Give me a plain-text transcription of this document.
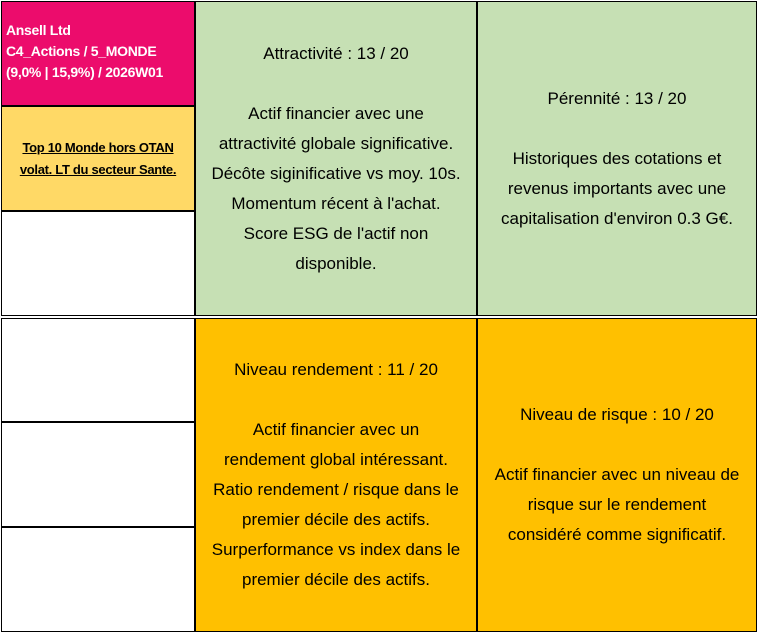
Ansell Ltd
C4_Actions / 5_MONDE
(9,0% | 15,9%) / 2026W01
Top 10 Monde hors OTAN
volat. LT du secteur Sante.
Attractivité : 13 / 20
Actif financier avec une
attractivité globale significative.
Décôte siginificative vs moy. 10s.
Momentum récent à l'achat.
Score ESG de l'actif non
disponible.
Pérennité : 13 / 20
Historiques des cotations et
revenus importants avec une
capitalisation d'environ 0.3 G€.
Niveau rendement : 11 / 20
Actif financier avec un
rendement global intéressant.
Ratio rendement / risque dans le
premier décile des actifs.
Surperformance vs index dans le
premier décile des actifs.
Niveau de risque : 10 / 20
Actif financier avec un niveau de
risque sur le rendement
considéré comme significatif.
